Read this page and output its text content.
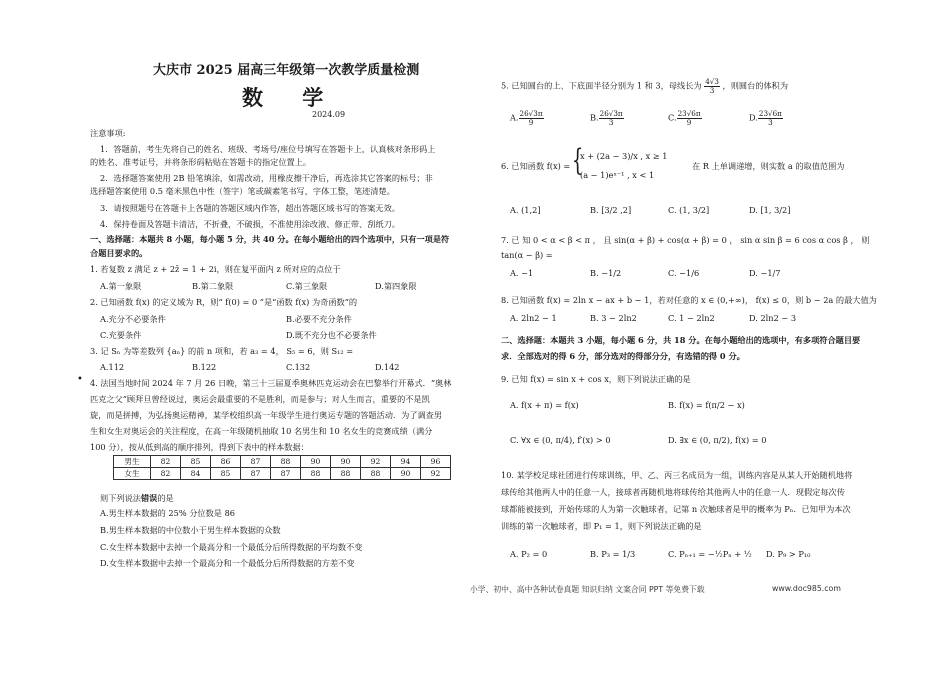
大庆市 2025 届高三年级第一次教学质量检测
数 学
2024.09
注意事项:
1．答题前，考生先将自己的姓名、班级、考场号/座位号填写在答题卡上，认真核对条形码上
的姓名、准考证号，并将条形码粘贴在答题卡的指定位置上。
2．选择题答案使用 2B 铅笔填涂，如需改动，用橡皮擦干净后，再选涂其它答案的标号；非
选择题答案使用 0.5 毫米黑色中性（签字）笔或碳素笔书写，字体工整，笔迹清楚。
3．请按照题号在答题卡上各题的答题区域内作答，超出答题区域书写的答案无效。
4．保持卷面及答题卡清洁，不折叠，不破损，不准使用涂改液、修正带、刮纸刀。
一、选择题：本题共 8 小题，每小题 5 分，共 40 分。在每小题给出的四个选项中，只有一项是符
合题目要求的。
1. 若复数 z 满足 z + 2z̄ = 1 + 2i，则在复平面内 z 所对应的点位于
A.第一象限	B.第二象限	C.第三象限	D.第四象限
2. 已知函数 f(x) 的定义域为 R，则“ f(0) = 0 ”是“函数 f(x) 为奇函数”的
A.充分不必要条件	B.必要不充分条件
C.充要条件	D.既不充分也不必要条件
3. 记 Sₙ 为等差数列 {aₙ} 的前 n 项和，若 a₃ = 4， S₅ = 6，则 S₁₂ =
A.112	B.122	C.132	D.142
• 4. 法国当地时间 2024 年 7 月 26 日晚，第三十三届夏季奥林匹克运动会在巴黎举行开幕式．“奥林
匹克之父”顾拜旦曾经说过，奥运会最重要的不是胜利，而是参与；对人生而言，重要的不是凯
旋，而是拼搏，为弘扬奥运精神，某学校组织高一年级学生进行奥运专题的答题活动．为了调查男
生和女生对奥运会的关注程度，在高一年级随机抽取 10 名男生和 10 名女生的竞赛成绩（满分
100 分），按从低到高的顺序排列，得到下表中的样本数据：
男生	82	85	86	87	88	90	90	92	94	96
女生	82	84	85	87	87	88	88	88	90	92
则下列说法错误的是
A.男生样本数据的 25% 分位数是 86
B.男生样本数据的中位数小于男生样本数据的众数
C.女生样本数据中去掉一个最高分和一个最低分后所得数据的平均数不变
D.女生样本数据中去掉一个最高分和一个最低分后所得数据的方差不变
5. 已知圆台的上、下底面半径分别为 1 和 3，母线长为 $\frac{4√3}{3}$ ，则圆台的体积为
A. $\frac{26√3\pi}{9}$	B. $\frac{26√3\pi}{3}$	C. $\frac{23√6\pi}{9}$	D. $\frac{23√6\pi}{3}$
6. 已知函数 f(x) = {
x + (2a − 3)/x , x ≥ 1
(a − 1)eˣ⁻¹ , x < 1
在 R 上单调递增，则实数 a 的取值范围为
A. (1,2]	B. [3/2 ,2]	C. (1, 3/2]	D. [1, 3/2]
7. 已 知 0 < α < β < π ， 且 sin(α + β) + cos(α + β) = 0 ， sin α sin β = 6 cos α cos β ， 则
tan(α − β) =
A. −1	B. −1/2	C. −1/6	D. −1/7
8. 已知函数 f(x) = 2ln x − ax + b − 1，若对任意的 x ∈ (0,+∞)， f(x) ≤ 0，则 b − 2a 的最大值为
A. 2ln2 − 1	B. 3 − 2ln2	C. 1 − 2ln2	D. 2ln2 − 3
二、选择题：本题共 3 小题，每小题 6 分，共 18 分。在每小题给出的选项中，有多项符合题目要
求．全部选对的得 6 分，部分选对的得部分分，有选错的得 0 分。
9. 已知 f(x) = sin x + cos x，则下列说法正确的是
A. f(x + π) = f(x)	B. f(x) = f(π/2 − x)
C. ∀x ∈ (0, π/4), f′(x) > 0	D. ∃x ∈ (0, π/2), f(x) = 0
10. 某学校足球社团进行传球训练，甲、乙、丙三名成员为一组，训练内容是从某人开始随机地将
球传给其他两人中的任意一人，接球者再随机地将球传给其他两人中的任意一人．现假定每次传
球都能被接到，开始传球的人为第一次触球者，记第 n 次触球者是甲的概率为 Pₙ．已知甲为本次
训练的第一次触球者，即 P₁ = 1，则下列说法正确的是
A. P₂ = 0	B. P₃ = 1/3	C. Pₙ₊₁ = −½Pₙ + ½ D. P₉ > P₁₀
小学、初中、高中各种试卷真题 知识归纳 文案合同 PPT 等免费下载	www.doc985.com
